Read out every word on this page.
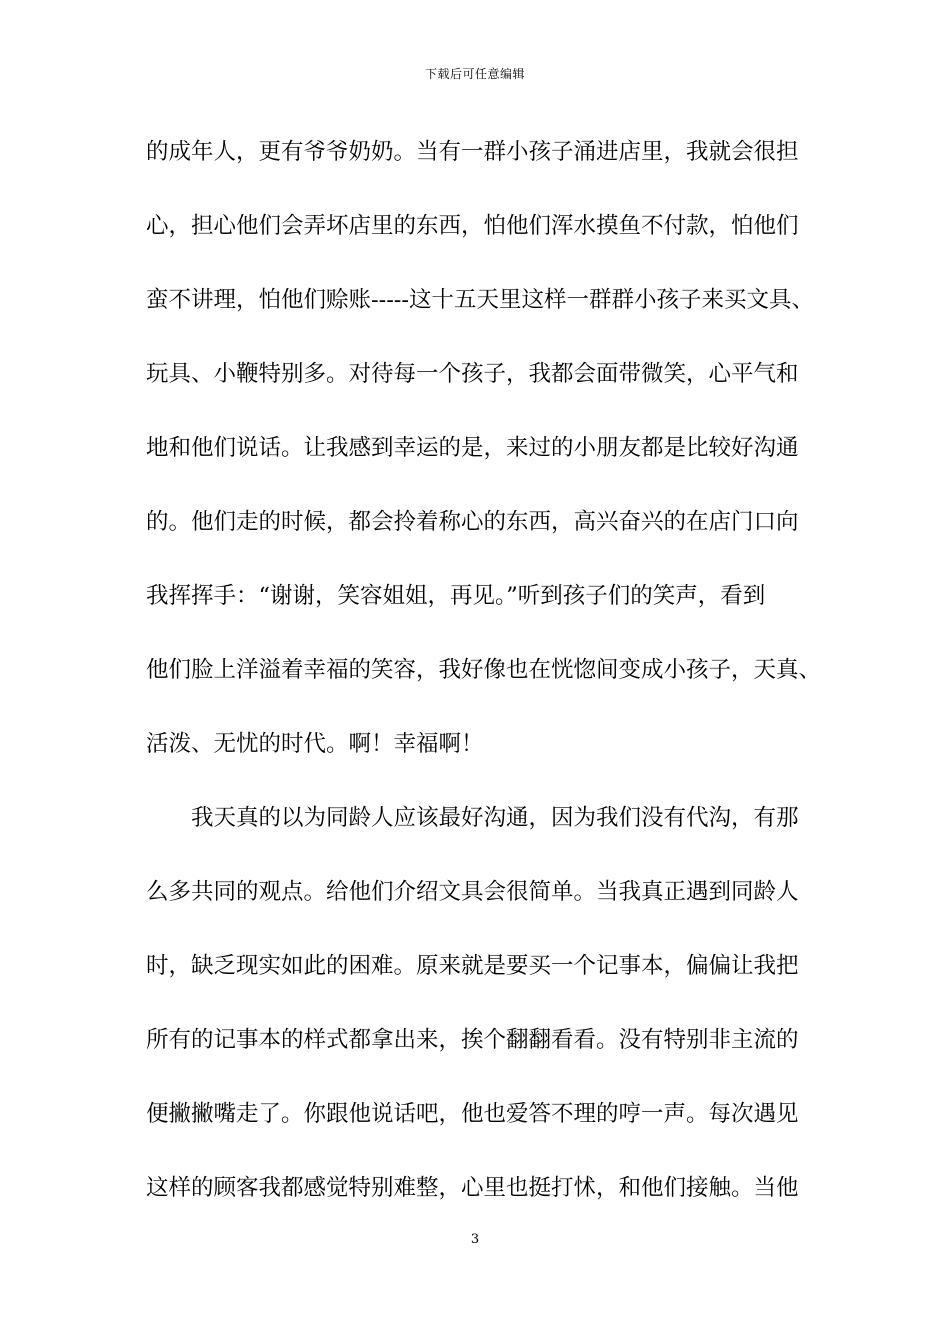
下载后可任意编辑
的成年人，更有爷爷奶奶。当有一群小孩子涌进店里，我就会很担
心，担心他们会弄坏店里的东西，怕他们浑水摸鱼不付款，怕他们
蛮不讲理，怕他们赊账-----这十五天里这样一群群小孩子来买文具、
玩具、小鞭特别多。对待每一个孩子，我都会面带微笑，心平气和
地和他们说话。让我感到幸运的是，来过的小朋友都是比较好沟通
的。他们走的时候，都会拎着称心的东西，高兴奋兴的在店门口向
我挥挥手：“谢谢，笑容姐姐，再见。”听到孩子们的笑声，看到
他们脸上洋溢着幸福的笑容，我好像也在恍惚间变成小孩子，天真、
活泼、无忧的时代。啊！幸福啊！
我天真的以为同龄人应该最好沟通，因为我们没有代沟，有那
么多共同的观点。给他们介绍文具会很简单。当我真正遇到同龄人
时，缺乏现实如此的困难。原来就是要买一个记事本，偏偏让我把
所有的记事本的样式都拿出来，挨个翻翻看看。没有特别非主流的
便撇撇嘴走了。你跟他说话吧，他也爱答不理的哼一声。每次遇见
这样的顾客我都感觉特别难整，心里也挺打怵，和他们接触。当他
3
